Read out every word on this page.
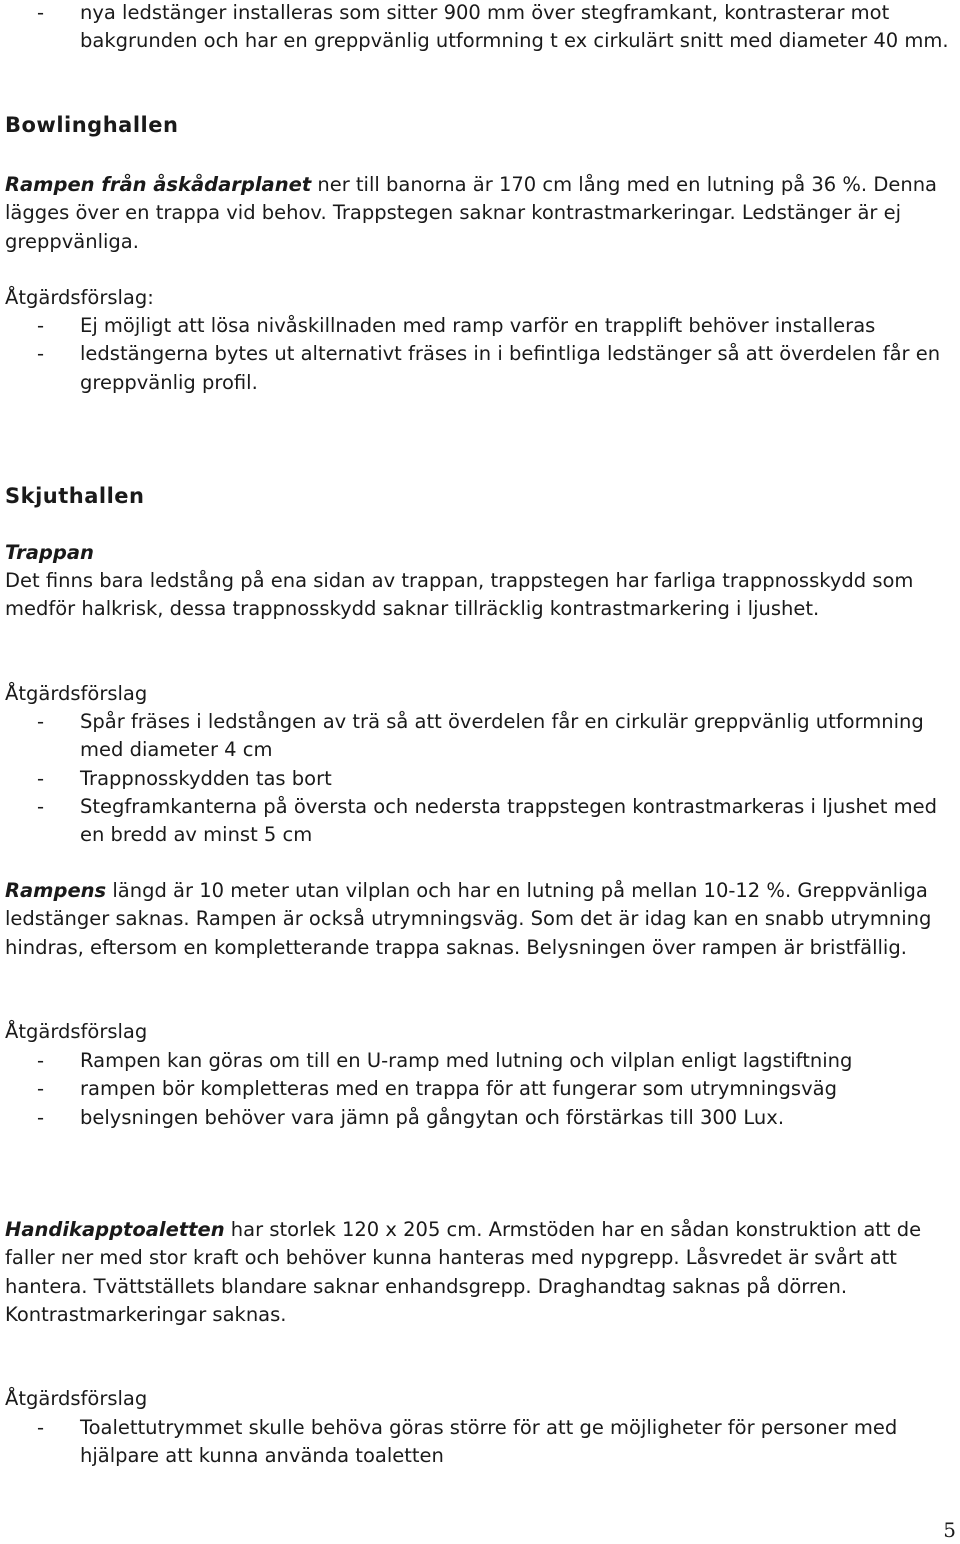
- nya ledstänger installeras som sitter 900 mm över stegframkant, kontrasterar mot bakgrunden och har en greppvänlig utformning t ex cirkulärt snitt med diameter 40 mm.

Bowlinghallen

Rampen från åskådarplanet ner till banorna är 170 cm lång med en lutning på 36 %. Denna lägges över en trappa vid behov. Trappstegen saknar kontrastmarkeringar. Ledstänger är ej greppvänliga.

Åtgärdsförslag:

- Ej möjligt att lösa nivåskillnaden med ramp varför en trapplift behöver installeras
- ledstängerna bytes ut alternativt fräses in i befintliga ledstänger så att överdelen får en greppvänlig profil.

Skjuthallen

Trappan

Det finns bara ledstång på ena sidan av trappan, trappstegen har farliga trappnosskydd som medför halkrisk, dessa trappnosskydd saknar tillräcklig kontrastmarkering i ljushet.

Åtgärdsförslag

- Spår fräses i ledstången av trä så att överdelen får en cirkulär greppvänlig utformning med diameter 4 cm
- Trappnosskydden tas bort
- Stegframkanterna på översta och nedersta trappstegen kontrastmarkeras i ljushet med en bredd av minst 5 cm

Rampens längd är 10 meter utan vilplan och har en lutning på mellan 10-12 %. Greppvänliga ledstänger saknas. Rampen är också utrymningsväg. Som det är idag kan en snabb utrymning hindras, eftersom en kompletterande trappa saknas. Belysningen över rampen är bristfällig.

Åtgärdsförslag

- Rampen kan göras om till en U-ramp med lutning och vilplan enligt lagstiftning
- rampen bör kompletteras med en trappa för att fungerar som utrymningsväg
- belysningen behöver vara jämn på gångytan och förstärkas till 300 Lux.

Handikapptoaletten har storlek 120 x 205 cm. Armstöden har en sådan konstruktion att de faller ner med stor kraft och behöver kunna hanteras med nypgrepp. Låsvredet är svårt att hantera. Tvättställets blandare saknar enhandsgrepp. Draghandtag saknas på dörren. Kontrastmarkeringar saknas.

Åtgärdsförslag

- Toalettutrymmet skulle behöva göras större för att ge möjligheter för personer med hjälpare att kunna använda toaletten
5
